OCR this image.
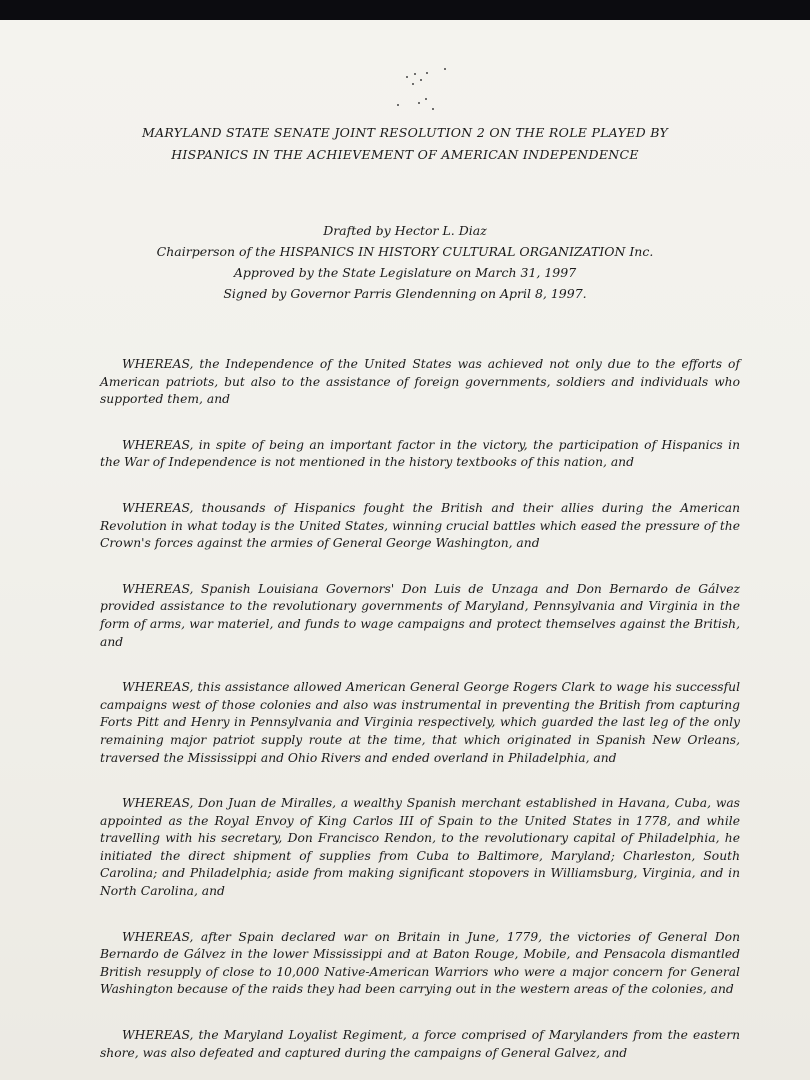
MARYLAND STATE SENATE JOINT RESOLUTION 2 ON THE ROLE PLAYED BY
HISPANICS IN THE ACHIEVEMENT OF AMERICAN INDEPENDENCE
Drafted by Hector L. Diaz
Chairperson of the HISPANICS IN HISTORY CULTURAL ORGANIZATION Inc.
Approved by the State Legislature on March 31, 1997
Signed by Governor Parris Glendenning on April 8, 1997.

WHEREAS, the Independence of the United States was achieved not only due to the efforts of American patriots, but also to the assistance of foreign governments, soldiers and individuals who supported them, and

WHEREAS, in spite of being an important factor in the victory, the participation of Hispanics in the War of Independence is not mentioned in the history textbooks of this nation, and

WHEREAS, thousands of Hispanics fought the British and their allies during the American Revolution in what today is the United States, winning crucial battles which eased the pressure of the Crown's forces against the armies of General George Washington, and

WHEREAS, Spanish Louisiana Governors' Don Luis de Unzaga and Don Bernardo de Gálvez provided assistance to the revolutionary governments of Maryland, Pennsylvania and Virginia in the form of arms, war materiel, and funds to wage campaigns and protect themselves against the British, and

WHEREAS, this assistance allowed American General George Rogers Clark to wage his successful campaigns west of those colonies and also was instrumental in preventing the British from capturing Forts Pitt and Henry in Pennsylvania and Virginia respectively, which guarded the last leg of the only remaining major patriot supply route at the time, that which originated in Spanish New Orleans, traversed the Mississippi and Ohio Rivers and ended overland in Philadelphia, and

WHEREAS, Don Juan de Miralles, a wealthy Spanish merchant established in Havana, Cuba, was appointed as the Royal Envoy of King Carlos III of Spain to the United States in 1778, and while travelling with his secretary, Don Francisco Rendon, to the revolutionary capital of Philadelphia, he initiated the direct shipment of supplies from Cuba to Baltimore, Maryland; Charleston, South Carolina; and Philadelphia; aside from making significant stopovers in Williamsburg, Virginia, and in North Carolina, and

WHEREAS, after Spain declared war on Britain in June, 1779, the victories of General Don Bernardo de Gálvez in the lower Mississippi and at Baton Rouge, Mobile, and Pensacola dismantled British resupply of close to 10,000 Native-American Warriors who were a major concern for General Washington because of the raids they had been carrying out in the western areas of the colonies, and

WHEREAS, the Maryland Loyalist Regiment, a force comprised of Marylanders from the eastern shore, was also defeated and captured during the campaigns of General Galvez, and
